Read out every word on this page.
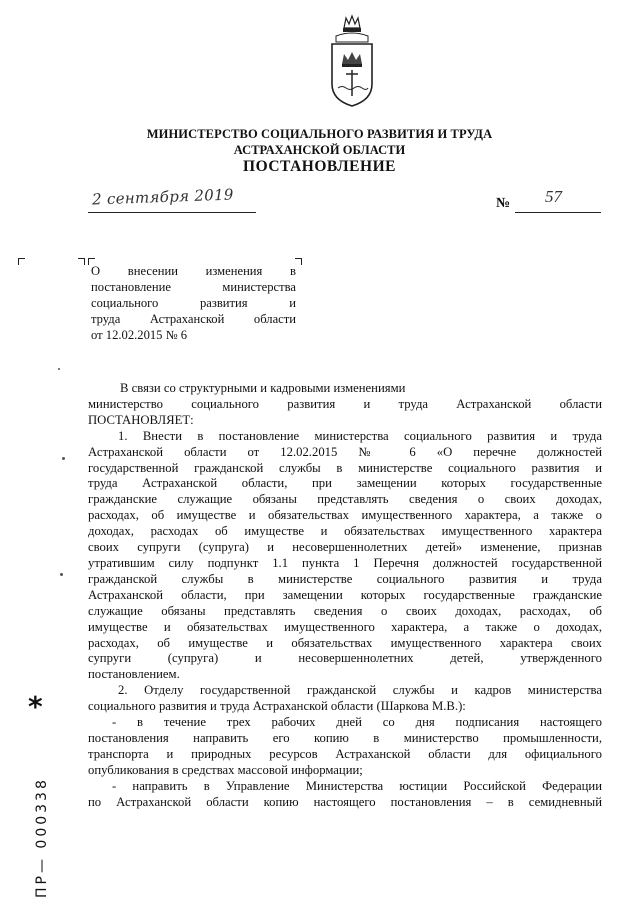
МИНИСТЕРСТВО СОЦИАЛЬНОГО РАЗВИТИЯ И ТРУДА
АСТРАХАНСКОЙ ОБЛАСТИ
ПОСТАНОВЛЕНИЕ
2 сентября 2019	№ 57
О внесении изменения в
постановление министерства
социального развития и
труда Астраханской области
от 12.02.2015 № 6
В связи со структурными и кадровыми изменениями
министерство социального развития и труда Астраханской области
ПОСТАНОВЛЯЕТ:
1. Внести в постановление министерства социального развития и труда
Астраханской области от 12.02.2015 № 6 «О перечне должностей
государственной гражданской службы в министерстве социального развития и
труда Астраханской области, при замещении которых государственные
гражданские служащие обязаны представлять сведения о своих доходах,
расходах, об имуществе и обязательствах имущественного характера, а также о
доходах, расходах об имуществе и обязательствах имущественного характера
своих супруги (супруга) и несовершеннолетних детей» изменение, признав
утратившим силу подпункт 1.1 пункта 1 Перечня должностей государственной
гражданской службы в министерстве социального развития и труда
Астраханской области, при замещении которых государственные гражданские
служащие обязаны представлять сведения о своих доходах, расходах, об
имуществе и обязательствах имущественного характера, а также о доходах,
расходах, об имуществе и обязательствах имущественного характера своих
супруги (супруга) и несовершеннолетних детей, утвержденного
постановлением.
2. Отделу государственной гражданской службы и кадров министерства
социального развития и труда Астраханской области (Шаркова М.В.):
- в течение трех рабочих дней со дня подписания настоящего
постановления направить его копию в министерство промышленности,
транспорта и природных ресурсов Астраханской области для официального
опубликования в средствах массовой информации;
- направить в Управление Министерства юстиции Российской Федерации
по Астраханской области копию настоящего постановления – в семидневный
*
ПР— 000338
